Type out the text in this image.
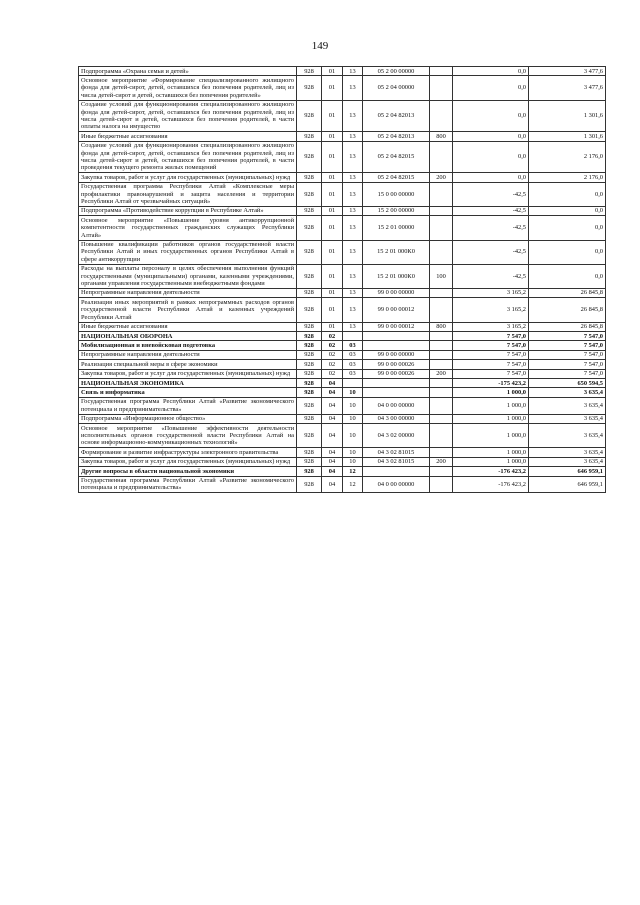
149
Подпрограмма «Охрана семьи и детей»	928	01	13	05 2 00 00000		0,0	3 477,6
Основное мероприятие «Формирование специализированного жилищного фонда для детей-сирот, детей, оставшихся без попечения родителей, лиц из числа детей-сирот и детей, оставшихся без попечения родителей»	928	01	13	05 2 04 00000		0,0	3 477,6
Создание условий для функционирования специализированного жилищного фонда для детей-сирот, детей, оставшихся без попечения родителей, лиц из числа детей-сирот и детей, оставшихся без попечения родителей, в части оплаты налога на имущество	928	01	13	05 2 04 82013		0,0	1 301,6
Иные бюджетные ассигнования	928	01	13	05 2 04 82013	800	0,0	1 301,6
Создание условий для функционирования специализированного жилищного фонда для детей-сирот, детей, оставшихся без попечения родителей, лиц из числа детей-сирот и детей, оставшихся без попечения родителей, в части проведения текущего ремонта жилых помещений	928	01	13	05 2 04 82015		0,0	2 176,0
Закупка товаров, работ и услуг для государственных (муниципальных) нужд	928	01	13	05 2 04 82015	200	0,0	2 176,0
Государственная программа Республики Алтай «Комплексные меры профилактики правонарушений и защита населения и территории Республики Алтай от чрезвычайных ситуаций»	928	01	13	15 0 00 00000		-42,5	0,0
Подпрограмма «Противодействие коррупции в Республике Алтай»	928	01	13	15 2 00 00000		-42,5	0,0
Основное мероприятие «Повышение уровня антикоррупционной компетентности государственных гражданских служащих Республики Алтай»	928	01	13	15 2 01 00000		-42,5	0,0
Повышение квалификации работников органов государственной власти Республики Алтай и иных государственных органов Республики Алтай в сфере антикоррупции	928	01	13	15 2 01 000К0		-42,5	0,0
Расходы на выплаты персоналу в целях обеспечения выполнения функций государственными (муниципальными) органами, казенными учреждениями, органами управления государственными внебюджетными фондами	928	01	13	15 2 01 000К0	100	-42,5	0,0
Непрограммные направления деятельности	928	01	13	99 0 00 00000		3 165,2	26 845,8
Реализация иных мероприятий в рамках непрограммных расходов органов государственной власти Республики Алтай и казенных учреждений Республики Алтай	928	01	13	99 0 00 00012		3 165,2	26 845,8
Иные бюджетные ассигнования	928	01	13	99 0 00 00012	800	3 165,2	26 845,8
НАЦИОНАЛЬНАЯ ОБОРОНА	928	02				7 547,0	7 547,0
Мобилизационная и вневойсковая подготовка	928	02	03			7 547,0	7 547,0
Непрограммные направления деятельности	928	02	03	99 0 00 00000		7 547,0	7 547,0
Реализация специальной меры в сфере экономики	928	02	03	99 0 00 00026		7 547,0	7 547,0
Закупка товаров, работ и услуг для государственных (муниципальных) нужд	928	02	03	99 0 00 00026	200	7 547,0	7 547,0
НАЦИОНАЛЬНАЯ ЭКОНОМИКА	928	04				-175 423,2	650 594,5
Связь и информатика	928	04	10			1 000,0	3 635,4
Государственная программа Республики Алтай «Развитие экономического потенциала и предпринимательства»	928	04	10	04 0 00 00000		1 000,0	3 635,4
Подпрограмма «Информационное общество»	928	04	10	04 3 00 00000		1 000,0	3 635,4
Основное мероприятие «Повышение эффективности деятельности исполнительных органов государственной власти Республики Алтай на основе информационно-коммуникационных технологий»	928	04	10	04 3 02 00000		1 000,0	3 635,4
Формирование и развитие инфраструктуры электронного правительства	928	04	10	04 3 02 81015		1 000,0	3 635,4
Закупка товаров, работ и услуг для государственных (муниципальных) нужд	928	04	10	04 3 02 81015	200	1 000,0	3 635,4
Другие вопросы в области национальной экономики	928	04	12			-176 423,2	646 959,1
Государственная программа Республики Алтай «Развитие экономического потенциала и предпринимательства»	928	04	12	04 0 00 00000		-176 423,2	646 959,1
